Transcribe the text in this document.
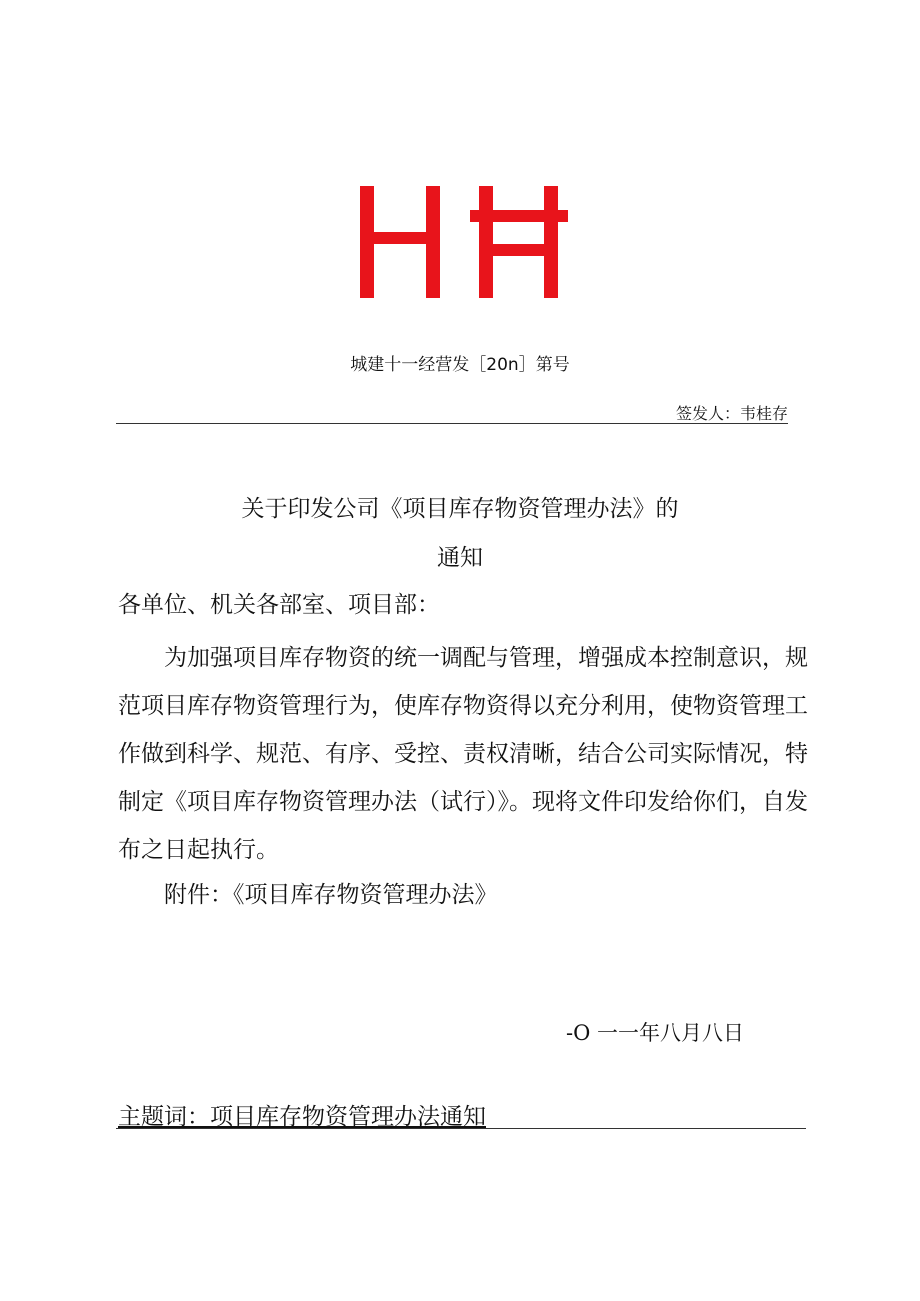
城建十一经营发［20n］第号
签发人：韦桂存
关于印发公司《项目库存物资管理办法》的
通知
各单位、机关各部室、项目部：

为加强项目库存物资的统一调配与管理，增强成本控制意识，规范项目库存物资管理行为，使库存物资得以充分利用，使物资管理工作做到科学、规范、有序、受控、责权清晰，结合公司实际情况，特制定《项目库存物资管理办法（试行）》。现将文件印发给你们，自发布之日起执行。

附件：《项目库存物资管理办法》
-O 一一年八月八日
主题词：项目库存物资管理办法通知
